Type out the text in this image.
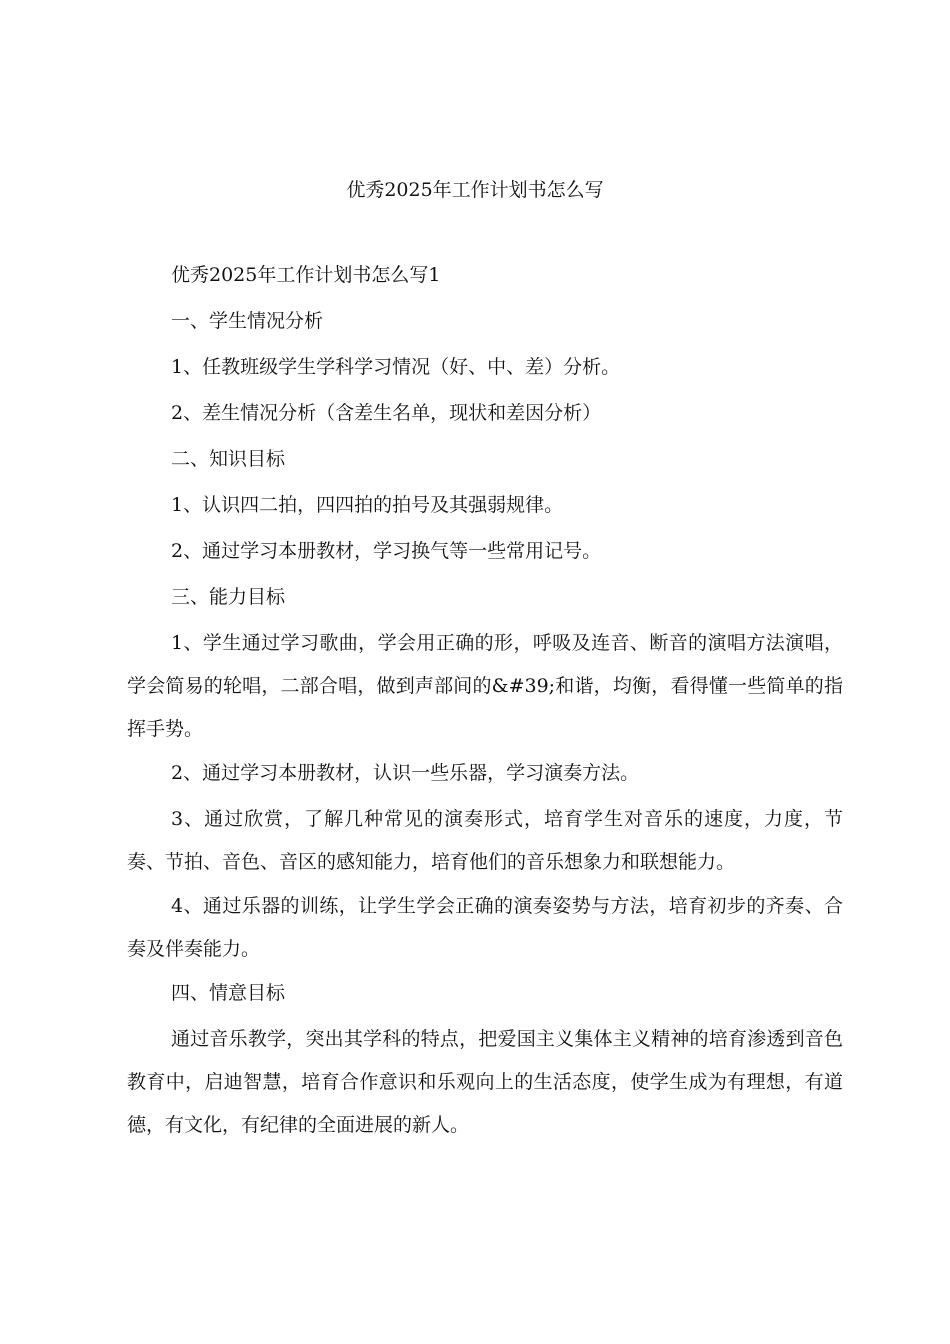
优秀2025年工作计划书怎么写

优秀2025年工作计划书怎么写1

一、学生情况分析

1、任教班级学生学科学习情况（好、中、差）分析。

2、差生情况分析（含差生名单，现状和差因分析）

二、知识目标

1、认识四二拍，四四拍的拍号及其强弱规律。

2、通过学习本册教材，学习换气等一些常用记号。

三、能力目标

1、学生通过学习歌曲，学会用正确的形，呼吸及连音、断音的演唱方法演唱，学会简易的轮唱，二部合唱，做到声部间的&#39;和谐，均衡，看得懂一些简单的指挥手势。

2、通过学习本册教材，认识一些乐器，学习演奏方法。

3、通过欣赏，了解几种常见的演奏形式，培育学生对音乐的速度，力度，节奏、节拍、音色、音区的感知能力，培育他们的音乐想象力和联想能力。

4、通过乐器的训练，让学生学会正确的演奏姿势与方法，培育初步的齐奏、合奏及伴奏能力。

四、情意目标

通过音乐教学，突出其学科的特点，把爱国主义集体主义精神的培育渗透到音色教育中，启迪智慧，培育合作意识和乐观向上的生活态度，使学生成为有理想，有道德，有文化，有纪律的全面进展的新人。
